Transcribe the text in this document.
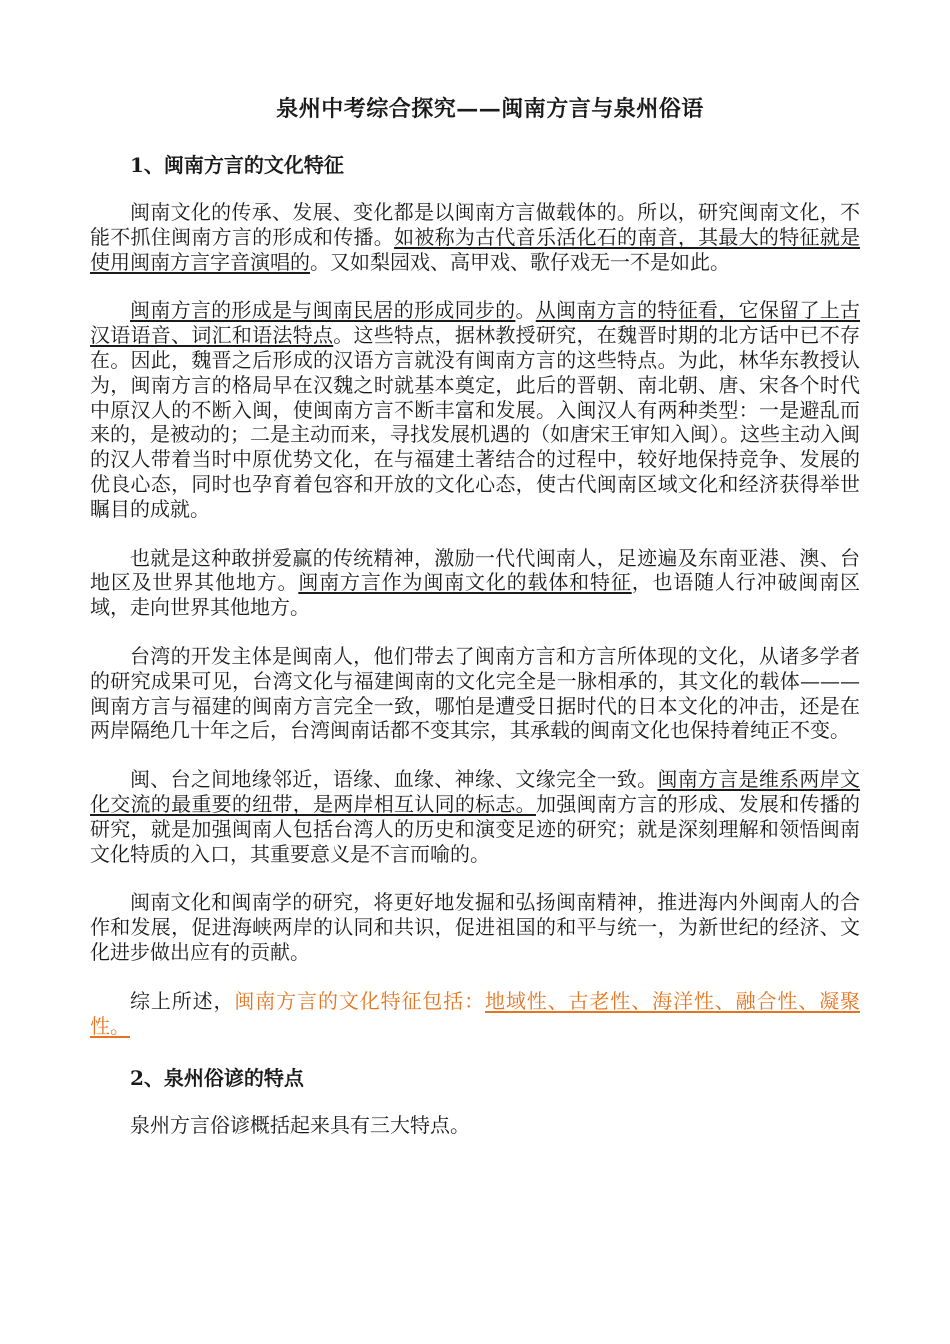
泉州中考综合探究——闽南方言与泉州俗语
1、闽南方言的文化特征

闽南文化的传承、发展、变化都是以闽南方言做载体的。所以，研究闽南文化，不能不抓住闽南方言的形成和传播。如被称为古代音乐活化石的南音，其最大的特征就是使用闽南方言字音演唱的。又如梨园戏、高甲戏、歌仔戏无一不是如此。

闽南方言的形成是与闽南民居的形成同步的。从闽南方言的特征看，它保留了上古汉语语音、词汇和语法特点。这些特点，据林教授研究，在魏晋时期的北方话中已不存在。因此，魏晋之后形成的汉语方言就没有闽南方言的这些特点。为此，林华东教授认为，闽南方言的格局早在汉魏之时就基本奠定，此后的晋朝、南北朝、唐、宋各个时代中原汉人的不断入闽，使闽南方言不断丰富和发展。入闽汉人有两种类型：一是避乱而来的，是被动的；二是主动而来，寻找发展机遇的（如唐宋王审知入闽）。这些主动入闽的汉人带着当时中原优势文化，在与福建土著结合的过程中，较好地保持竞争、发展的优良心态，同时也孕育着包容和开放的文化心态，使古代闽南区域文化和经济获得举世瞩目的成就。

也就是这种敢拼爱赢的传统精神，激励一代代闽南人，足迹遍及东南亚港、澳、台地区及世界其他地方。闽南方言作为闽南文化的载体和特征，也语随人行冲破闽南区域，走向世界其他地方。

台湾的开发主体是闽南人，他们带去了闽南方言和方言所体现的文化，从诸多学者的研究成果可见，台湾文化与福建闽南的文化完全是一脉相承的，其文化的载体———闽南方言与福建的闽南方言完全一致，哪怕是遭受日据时代的日本文化的冲击，还是在两岸隔绝几十年之后，台湾闽南话都不变其宗，其承载的闽南文化也保持着纯正不变。

闽、台之间地缘邻近，语缘、血缘、神缘、文缘完全一致。闽南方言是维系两岸文化交流的最重要的纽带，是两岸相互认同的标志。加强闽南方言的形成、发展和传播的研究，就是加强闽南人包括台湾人的历史和演变足迹的研究；就是深刻理解和领悟闽南文化特质的入口，其重要意义是不言而喻的。

闽南文化和闽南学的研究，将更好地发掘和弘扬闽南精神，推进海内外闽南人的合作和发展，促进海峡两岸的认同和共识，促进祖国的和平与统一，为新世纪的经济、文化进步做出应有的贡献。

综上所述，闽南方言的文化特征包括：地域性、古老性、海洋性、融合性、凝聚性。

2、泉州俗谚的特点

泉州方言俗谚概括起来具有三大特点。
